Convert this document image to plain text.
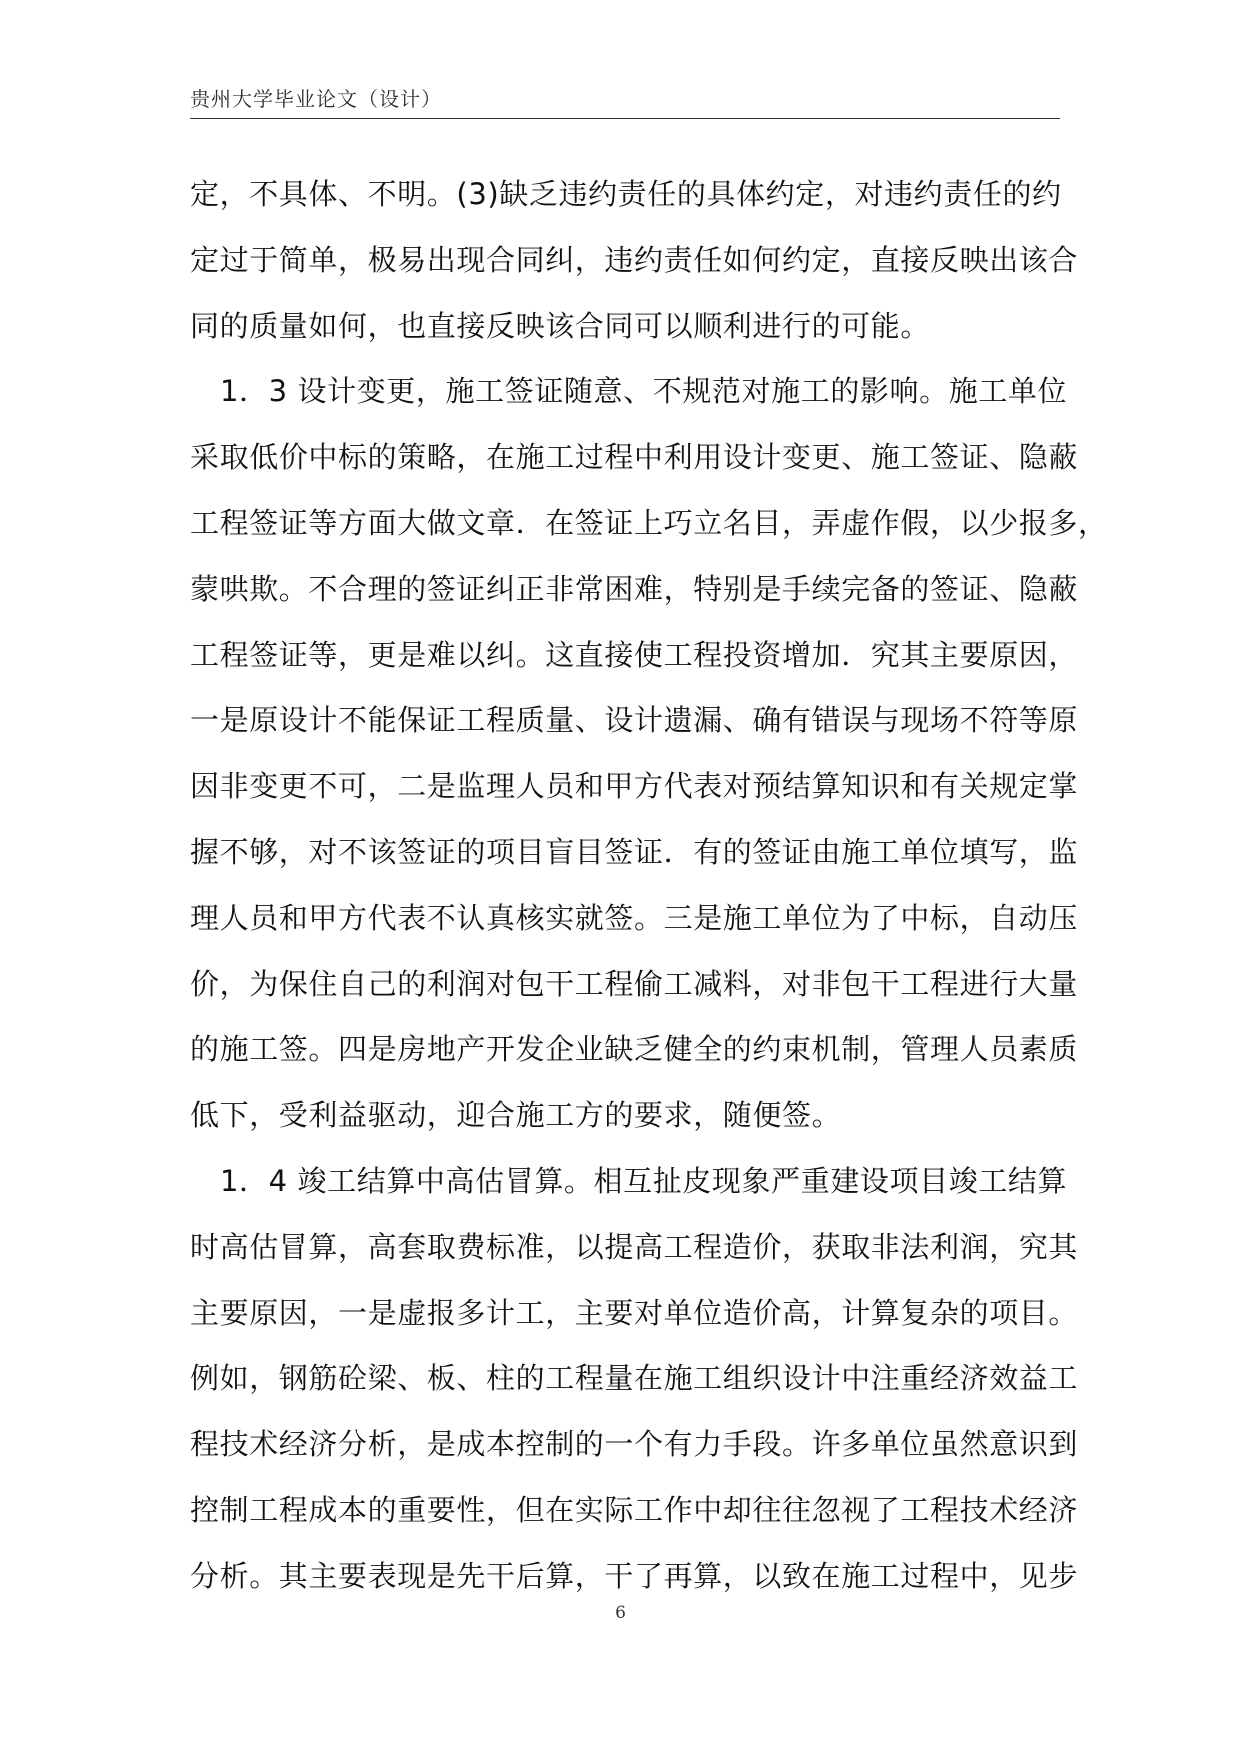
贵州大学毕业论文（设计）
定，不具体、不明。(3)缺乏违约责任的具体约定，对违约责任的约
定过于简单，极易出现合同纠，违约责任如何约定，直接反映出该合
同的质量如何，也直接反映该合同可以顺利进行的可能。
1．3 设计变更，施工签证随意、不规范对施工的影响。施工单位
采取低价中标的策略，在施工过程中利用设计变更、施工签证、隐蔽
工程签证等方面大做文章．在签证上巧立名目，弄虚作假，以少报多，
蒙哄欺。不合理的签证纠正非常困难，特别是手续完备的签证、隐蔽
工程签证等，更是难以纠。这直接使工程投资增加．究其主要原因，
一是原设计不能保证工程质量、设计遗漏、确有错误与现场不符等原
因非变更不可，二是监理人员和甲方代表对预结算知识和有关规定掌
握不够，对不该签证的项目盲目签证．有的签证由施工单位填写，监
理人员和甲方代表不认真核实就签。三是施工单位为了中标，自动压
价，为保住自己的利润对包干工程偷工减料，对非包干工程进行大量
的施工签。四是房地产开发企业缺乏健全的约束机制，管理人员素质
低下，受利益驱动，迎合施工方的要求，随便签。
1．4 竣工结算中高估冒算。相互扯皮现象严重建设项目竣工结算
时高估冒算，高套取费标准，以提高工程造价，获取非法利润，究其
主要原因，一是虚报多计工，主要对单位造价高，计算复杂的项目。
例如，钢筋砼梁、板、柱的工程量在施工组织设计中注重经济效益工
程技术经济分析，是成本控制的一个有力手段。许多单位虽然意识到
控制工程成本的重要性，但在实际工作中却往往忽视了工程技术经济
分析。其主要表现是先干后算，干了再算，以致在施工过程中，见步
6
